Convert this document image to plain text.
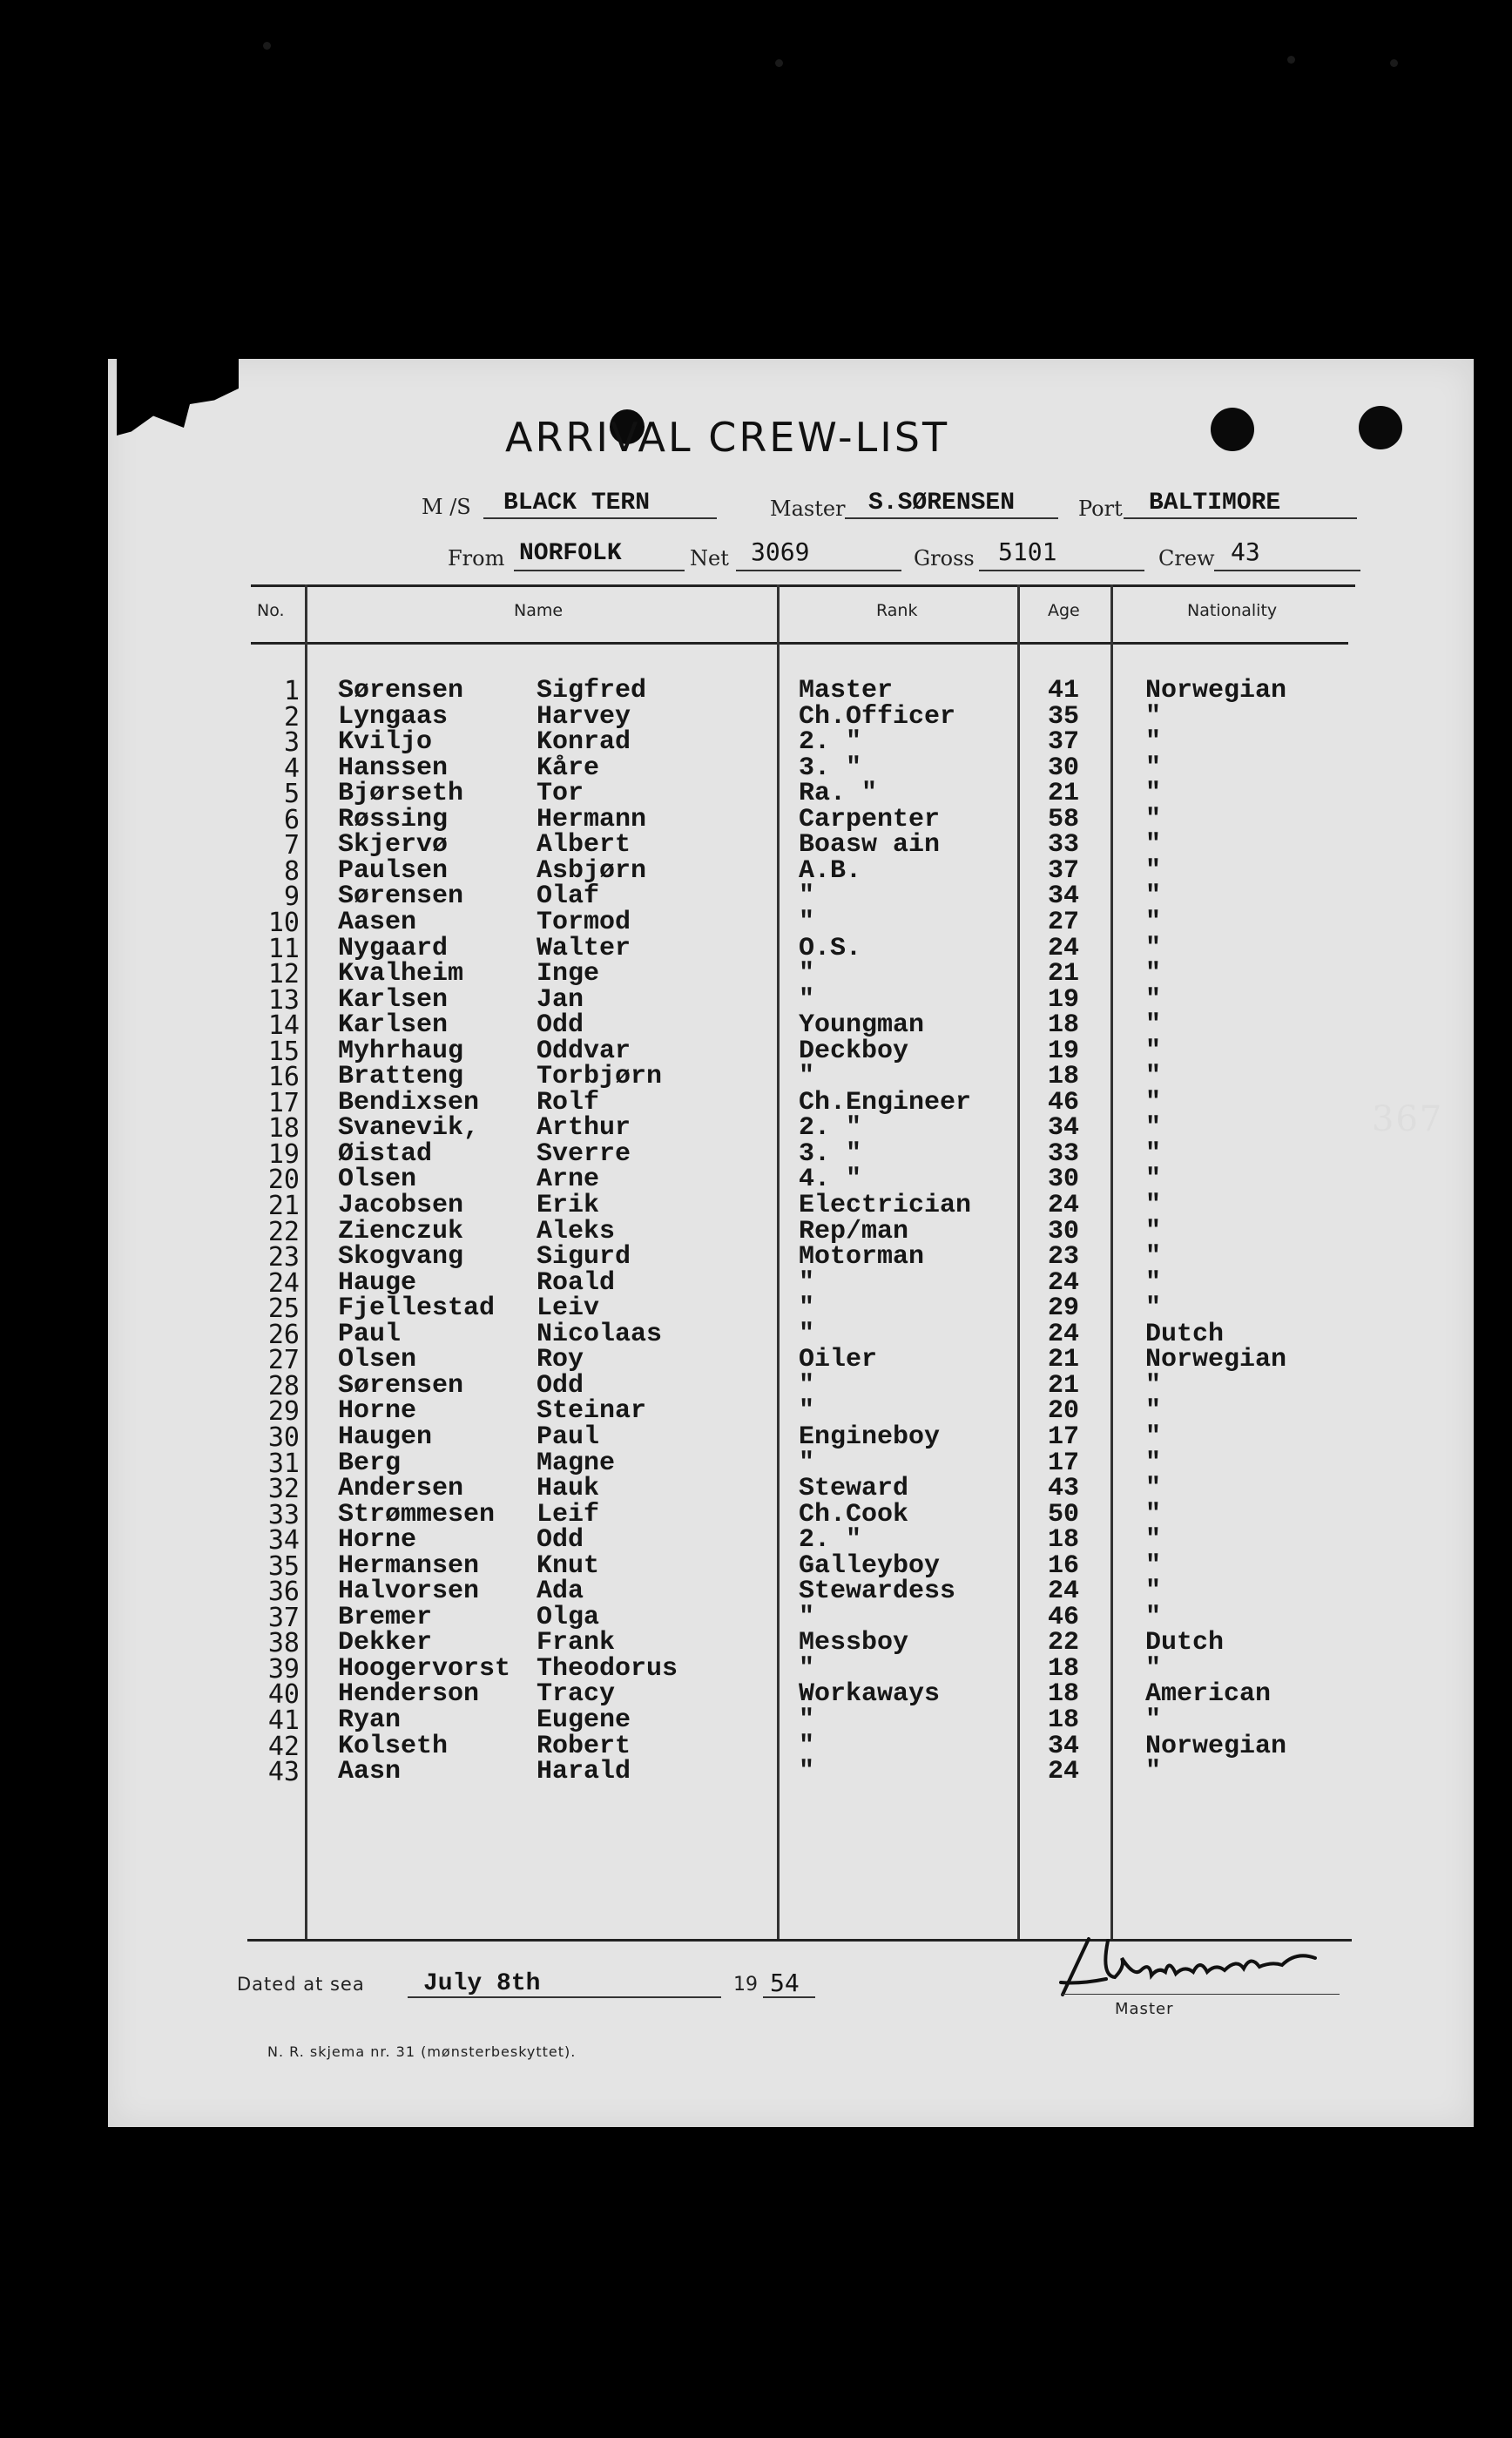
ARRIVAL CREW-LIST
M /S BLACK TERN	Master S.SØRENSEN	Port BALTIMORE
From NORFOLK	Net 3069	Gross 5101	Crew 43
No.	Name	Rank	Age	Nationality
1 Sørensen	Sigfred	Master	41	Norwegian
2 Lyngaas	Harvey	Ch.Officer	35	"
3 Kviljo	Konrad	2. "	37	"
4 Hanssen	Kåre	3. "	30	"
5 Bjørseth	Tor	Ra. "	21	"
6 Røssing	Hermann	Carpenter	58	"
7 Skjervø	Albert	Boasw ain	33	"
8 Paulsen	Asbjørn	A.B.	37	"
9 Sørensen	Olaf	"	34	"
10 Aasen	Tormod	"	27	"
11 Nygaard	Walter	O.S.	24	"
12 Kvalheim	Inge	"	21	"
13 Karlsen	Jan	"	19	"
14 Karlsen	Odd	Youngman	18	"
15 Myhrhaug	Oddvar	Deckboy	19	"
16 Bratteng	Torbjørn	"	18	"
17 Bendixsen Rolf	Ch.Engineer	46	"
18 Svanevik, Arthur	2. "	34	"
19 Øistad	Sverre	3. "	33	"
20 Olsen	Arne	4. "	30	"
21 Jacobsen	Erik	Electrician	24	"
22 Zienczuk	Aleks	Rep/man	30	"
23 Skogvang	Sigurd	Motorman	23	"
24 Hauge	Roald	"	24	"
25 Fjellestad Leiv	"	29	"
26 Paul	Nicolaas	"	24	Dutch
27 Olsen	Roy	Oiler	21	Norwegian
28 Sørensen	Odd	"	21	"
29 Horne	Steinar	"	20	"
30 Haugen	Paul	Engineboy	17	"
31 Berg	Magne	"	17	"
32 Andersen	Hauk	Steward	43	"
33 Strømmesen Leif	Ch.Cook	50	"
34 Horne	Odd	2. "	18	"
35 Hermansen Knut	Galleyboy	16	"
36 Halvorsen Ada	Stewardess	24	"
37 Bremer	Olga	"	46	"
38 Dekker	Frank	Messboy	22	Dutch
39 Hoogervorst Theodorus	"	18	"
40 Henderson Tracy	Workaways	18	American
41 Ryan	Eugene	"	18	"
42 Kolseth	Robert	"	34	Norwegian
43 Aasn	Harald	"	24	"
367
Dated at sea July 8th	19 54
Master
N. R. skjema nr. 31 (mønsterbeskyttet).
